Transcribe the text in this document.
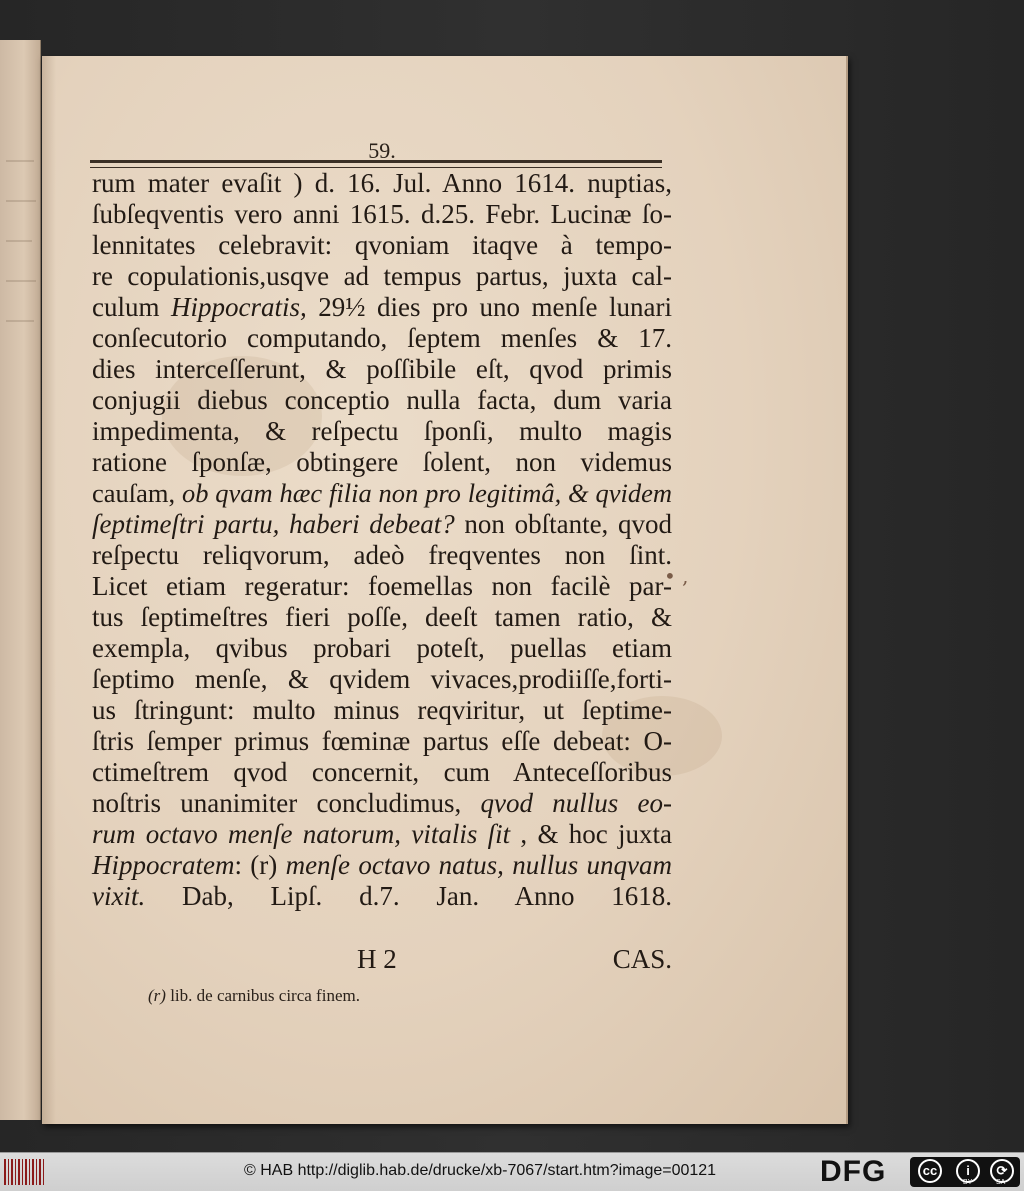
59.
rum mater evaſit ) d. 16. Jul. Anno 1614. nuptias,
ſubſeqventis vero anni 1615. d.25. Febr. Lucinæ ſo-
lennitates celebravit: qvoniam itaqve à tempo-
re copulationis,usqve ad tempus partus, juxta cal-
culum Hippocratis, 29½ dies pro uno menſe lunari
conſecutorio computando, ſeptem menſes & 17.
dies interceſſerunt, & poſſibile eſt, qvod primis
conjugii diebus conceptio nulla facta, dum varia
impedimenta, & reſpectu ſponſi, multo magis
ratione ſponſæ, obtingere ſolent, non videmus
cauſam, ob qvam hæc filia non pro legitimâ, & qvidem
ſeptimeſtri partu, haberi debeat? non obſtante, qvod
reſpectu reliqvorum, adeò freqventes non ſint.
Licet etiam regeratur: foemellas non facilè par-
tus ſeptimeſtres fieri poſſe, deeſt tamen ratio, &
exempla, qvibus probari poteſt, puellas etiam
ſeptimo menſe, & qvidem vivaces,prodiiſſe,forti-
us ſtringunt: multo minus reqviritur, ut ſeptime-
ſtris ſemper primus fœminæ partus eſſe debeat: O-
ctimeſtrem qvod concernit, cum Anteceſſoribus
noſtris unanimiter concludimus, qvod nullus eo-
rum octavo menſe natorum, vitalis ſit , & hoc juxta
Hippocratem: (r) menſe octavo natus, nullus unqvam
vixit. Dab, Lipſ. d.7. Jan. Anno 1618.
• ,
H 2	CAS.
(r) lib. de carnibus circa finem.
© HAB http://diglib.hab.de/drucke/xb-7067/start.htm?image=00121	DFG	cc	i	⟳
BY	SA
